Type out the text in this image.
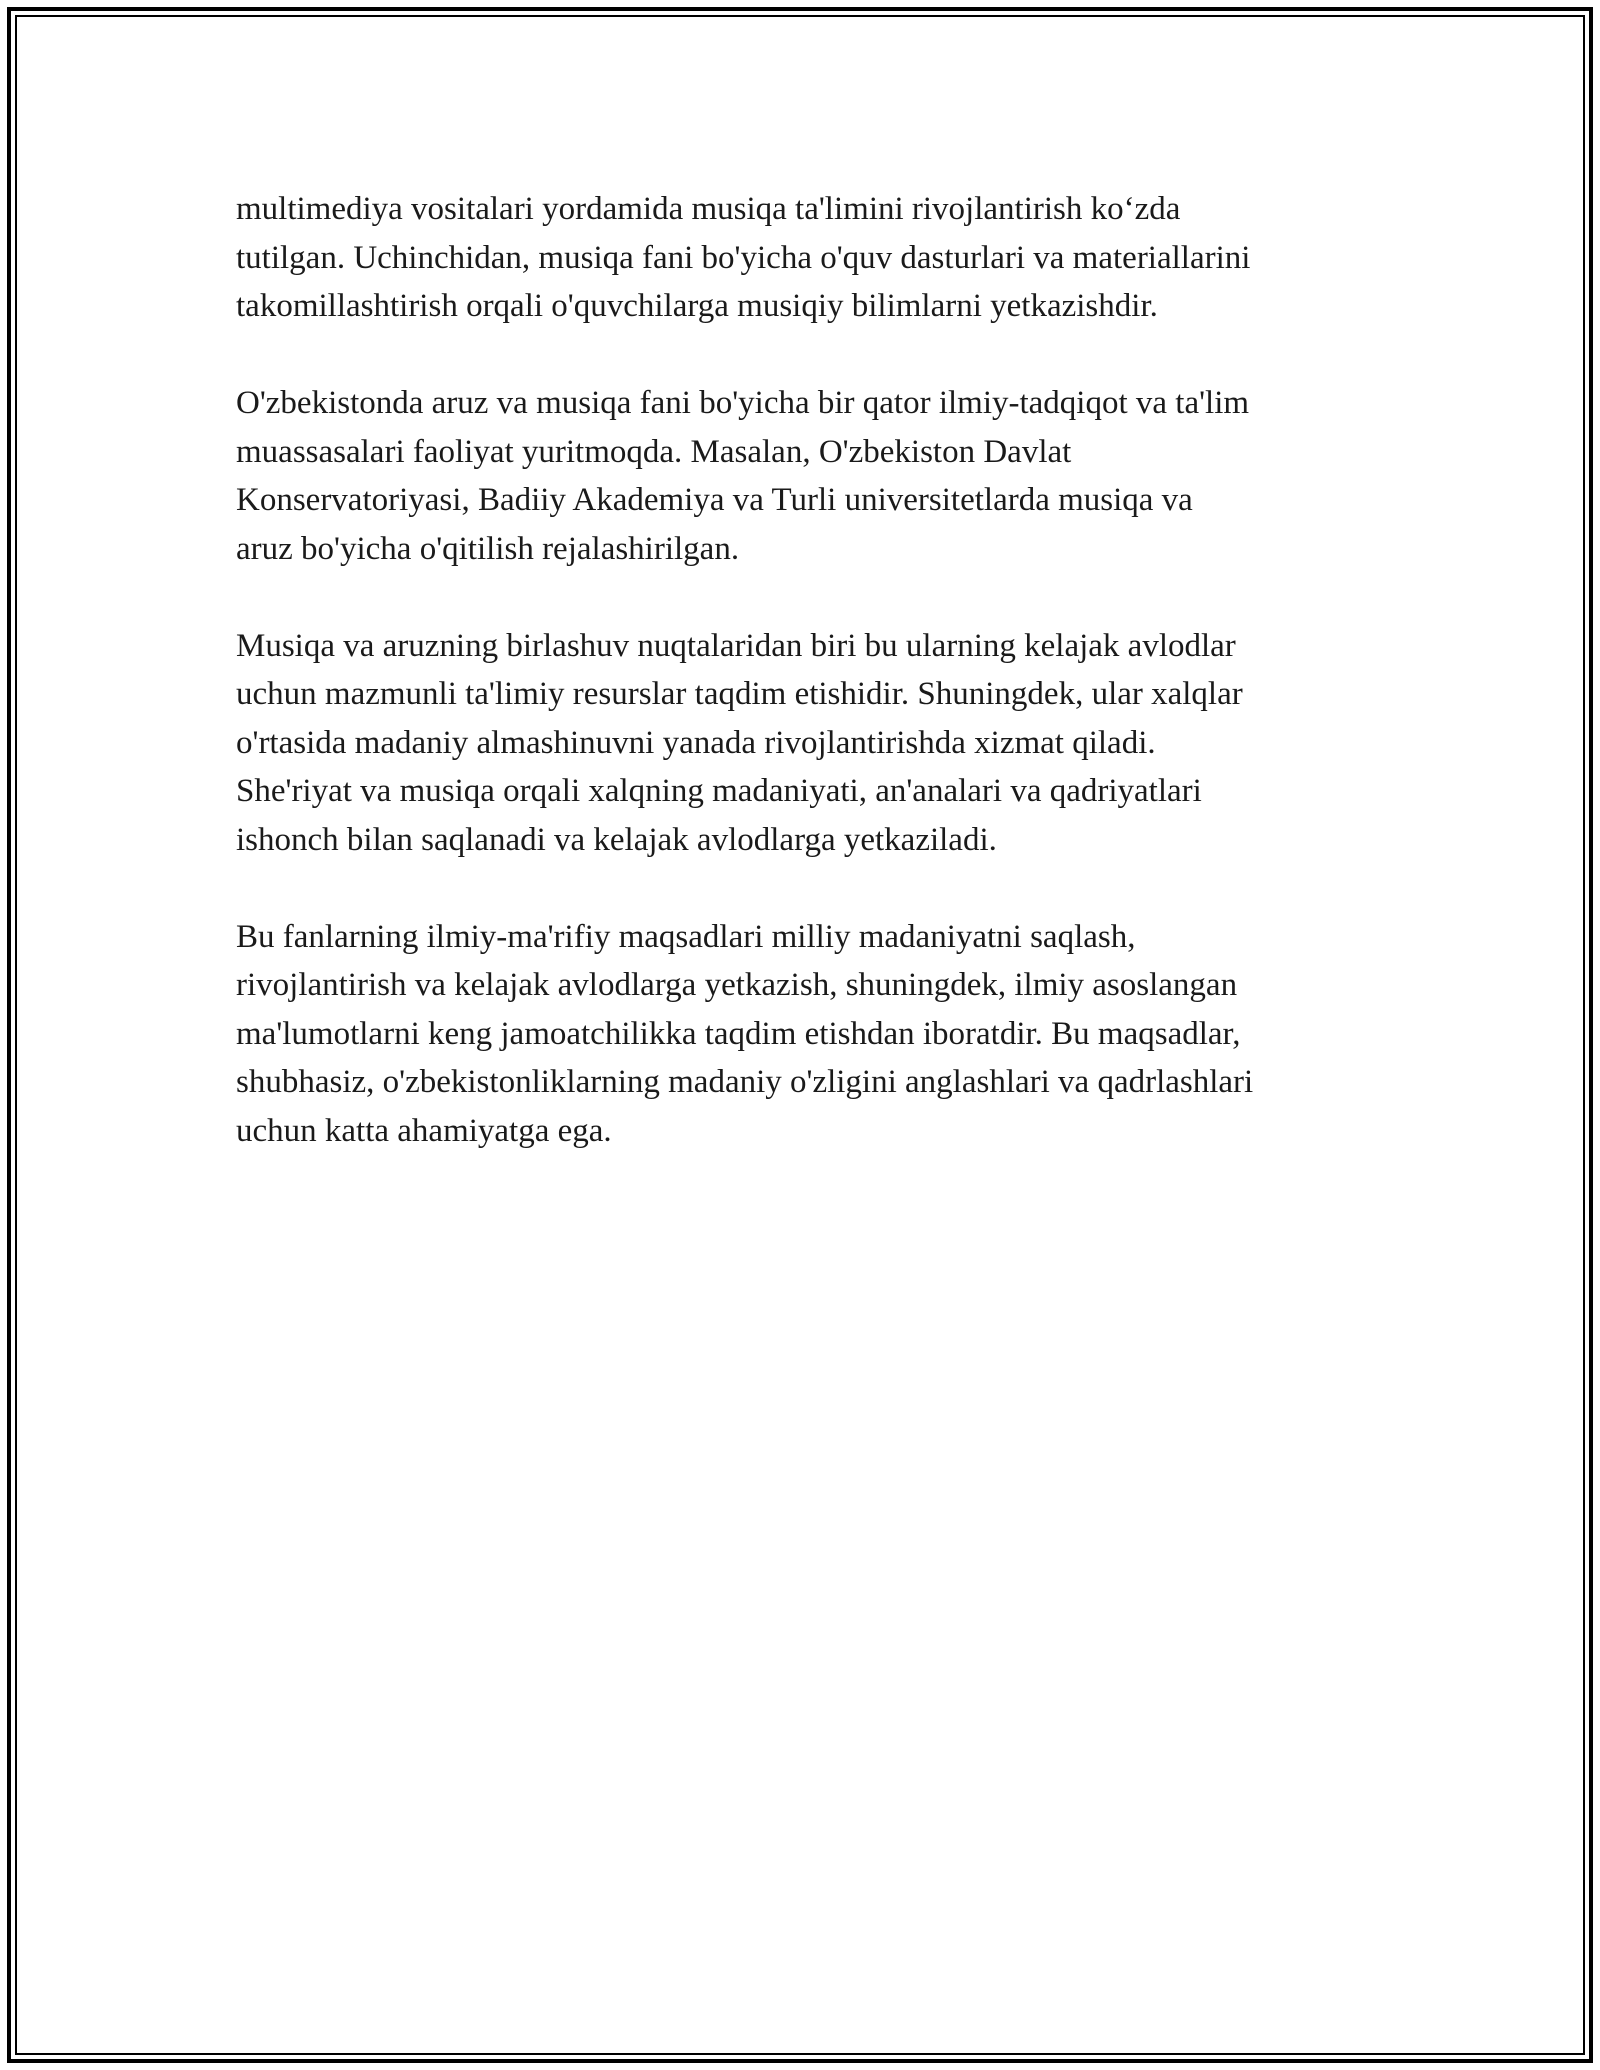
multimediya vositalari yordamida musiqa ta'limini rivojlantirish ko‘zda
tutilgan. Uchinchidan, musiqa fani bo'yicha o'quv dasturlari va materiallarini
takomillashtirish orqali o'quvchilarga musiqiy bilimlarni yetkazishdir.

O'zbekistonda aruz va musiqa fani bo'yicha bir qator ilmiy-tadqiqot va ta'lim
muassasalari faoliyat yuritmoqda. Masalan, O'zbekiston Davlat
Konservatoriyasi, Badiiy Akademiya va Turli universitetlarda musiqa va
aruz bo'yicha o'qitilish rejalashirilgan.

Musiqa va aruzning birlashuv nuqtalaridan biri bu ularning kelajak avlodlar
uchun mazmunli ta'limiy resurslar taqdim etishidir. Shuningdek, ular xalqlar
o'rtasida madaniy almashinuvni yanada rivojlantirishda xizmat qiladi.
She'riyat va musiqa orqali xalqning madaniyati, an'analari va qadriyatlari
ishonch bilan saqlanadi va kelajak avlodlarga yetkaziladi.

Bu fanlarning ilmiy-ma'rifiy maqsadlari milliy madaniyatni saqlash,
rivojlantirish va kelajak avlodlarga yetkazish, shuningdek, ilmiy asoslangan
ma'lumotlarni keng jamoatchilikka taqdim etishdan iboratdir. Bu maqsadlar,
shubhasiz, o'zbekistonliklarning madaniy o'zligini anglashlari va qadrlashlari
uchun katta ahamiyatga ega.
